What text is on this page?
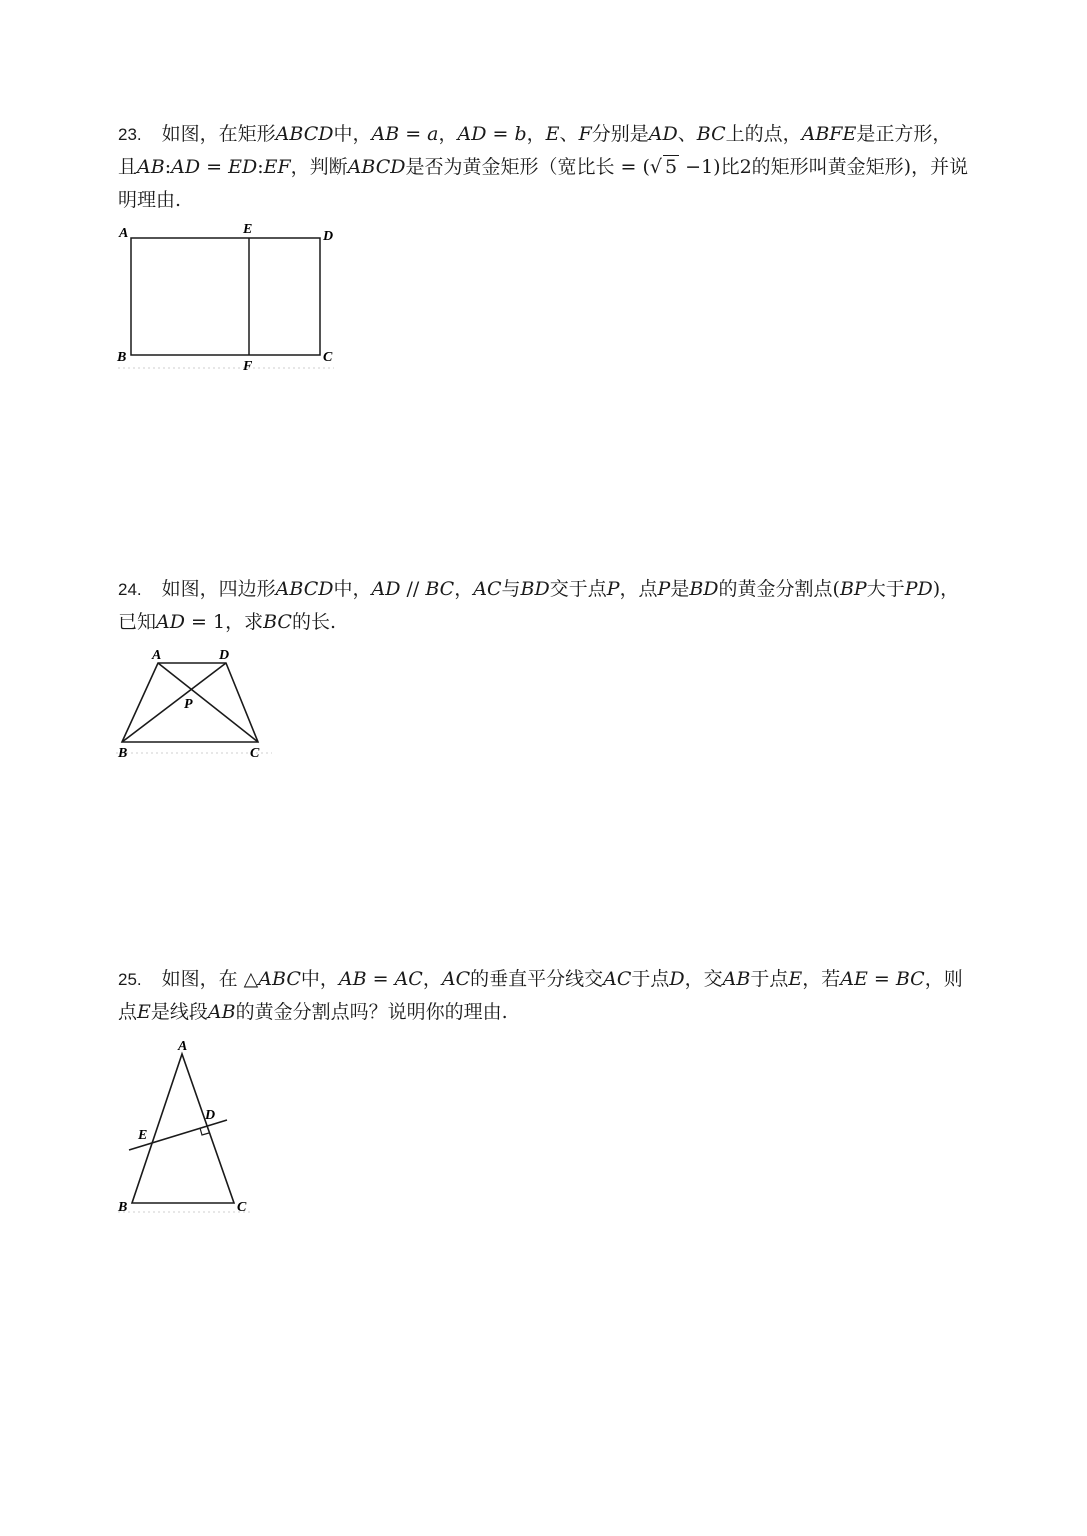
23. 如图，在矩形ABCD中，AB = a，AD = b，E、F分别是AD、BC上的点，ABFE是正方形，且AB:AD = ED:EF，判断ABCD是否为黄金矩形（宽比长 = (√ 5 −1)比2的矩形叫黄金矩形)，并说明理由.
A	E	D
B
F
C
24. 如图，四边形ABCD中，AD // BC，AC与BD交于点P，点P是BD的黄金分割点(BP大于PD)，已知AD = 1，求BC的长.
A	D
P
B	C
25. 如图，在 △ABC中，AB = AC，AC的垂直平分线交AC于点D，交AB于点E，若AE = BC，则点E是线段AB的黄金分割点吗？说明你的理由.
A
D
E
B	C
